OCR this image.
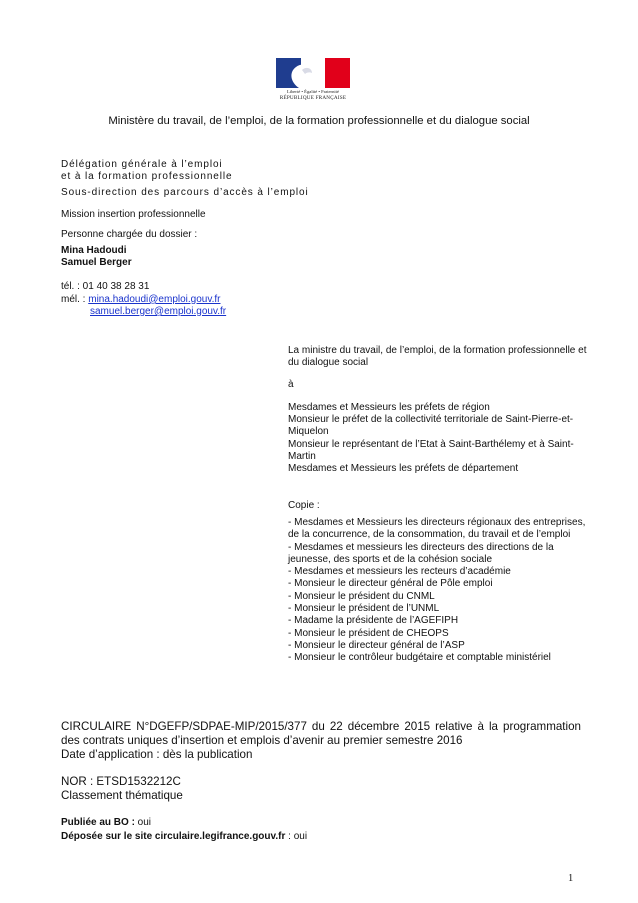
Liberté • Égalité • Fraternité
RÉPUBLIQUE FRANÇAISE
Ministère du travail, de l’emploi, de la formation professionnelle et du dialogue social

Délégation générale à l’emploi

et à la formation professionnelle

Sous-direction des parcours d’accès à l’emploi

Mission insertion professionnelle

Personne chargée du dossier :

Mina Hadoudi

Samuel Berger

tél. : 01 40 38 28 31

mél. : mina.hadoudi@emploi.gouv.fr

samuel.berger@emploi.gouv.fr

La ministre du travail, de l’emploi, de la formation professionnelle et du dialogue social

à

Mesdames et Messieurs les préfets de région

Monsieur le préfet de la collectivité territoriale de Saint-Pierre-et-Miquelon

Monsieur le représentant de l’Etat à Saint-Barthélemy et à Saint-Martin

Mesdames et Messieurs les préfets de département

Copie :

- Mesdames et Messieurs les directeurs régionaux des entreprises, de la concurrence, de la consommation, du travail et de l’emploi

- Mesdames et messieurs les directeurs des directions de la jeunesse, des sports et de la cohésion sociale

- Mesdames et messieurs les recteurs d’académie

- Monsieur le directeur général de Pôle emploi

- Monsieur le président du CNML

- Monsieur le président de l’UNML

- Madame la présidente de l’AGEFIPH

- Monsieur le président de CHEOPS

- Monsieur le directeur général de l’ASP

- Monsieur le contrôleur budgétaire et comptable ministériel

CIRCULAIRE N°DGEFP/SDPAE-MIP/2015/377 du 22 décembre 2015 relative à la programmation des contrats uniques d’insertion et emplois d’avenir au premier semestre 2016

Date d’application : dès la publication

NOR : ETSD1532212C

Classement thématique

Publiée au BO : oui

Déposée sur le site circulaire.legifrance.gouv.fr : oui

1
